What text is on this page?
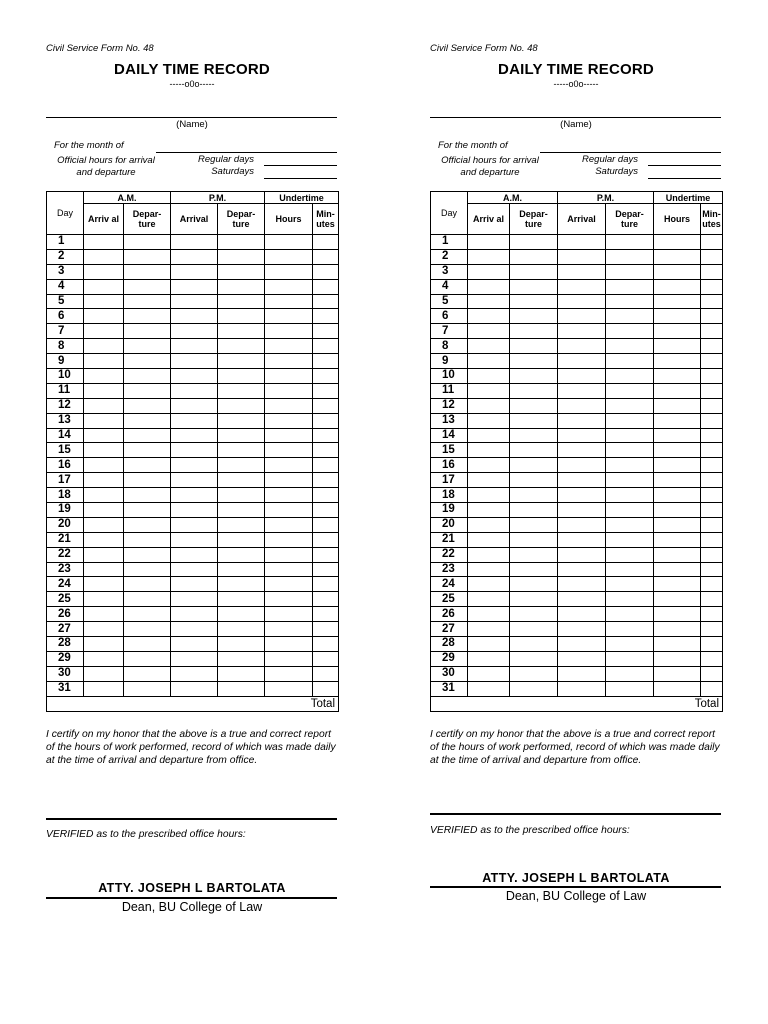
Civil Service Form No. 48
DAILY TIME RECORD
-----o0o-----
(Name)
For the month of
Official hours for arrival and departure
Regular days
Saturdays
Day	A.M.		P.M.		Undertime	
	Arriv al	Depar- ture	Arrival	Depar- ture	Hours	Min- utes
1						
2						
3						
4						
5						
6						
7						
8						
9						
10						
11						
12						
13						
14						
15						
16						
17						
18						
19						
20						
21						
22						
23						
24						
25						
26						
27						
28						
29						
30						
31						
					Total	
I certify on my honor that the above is a true and correct report of the hours of work performed, record of which was made daily at the time of arrival and departure from office.
VERIFIED as to the prescribed office hours:
ATTY. JOSEPH L BARTOLATA
Dean, BU College of Law
Civil Service Form No. 48
DAILY TIME RECORD
-----o0o-----
(Name)
For the month of
Official hours for arrival and departure
Regular days
Saturdays
Day	A.M.		P.M.		Undertime	
	Arriv al	Depar- ture	Arrival	Depar- ture	Hours	Min- utes
1						
2						
3						
4						
5						
6						
7						
8						
9						
10						
11						
12						
13						
14						
15						
16						
17						
18						
19						
20						
21						
22						
23						
24						
25						
26						
27						
28						
29						
30						
31						
					Total	
I certify on my honor that the above is a true and correct report of the hours of work performed, record of which was made daily at the time of arrival and departure from office.
VERIFIED as to the prescribed office hours:
ATTY. JOSEPH L BARTOLATA
Dean, BU College of Law
